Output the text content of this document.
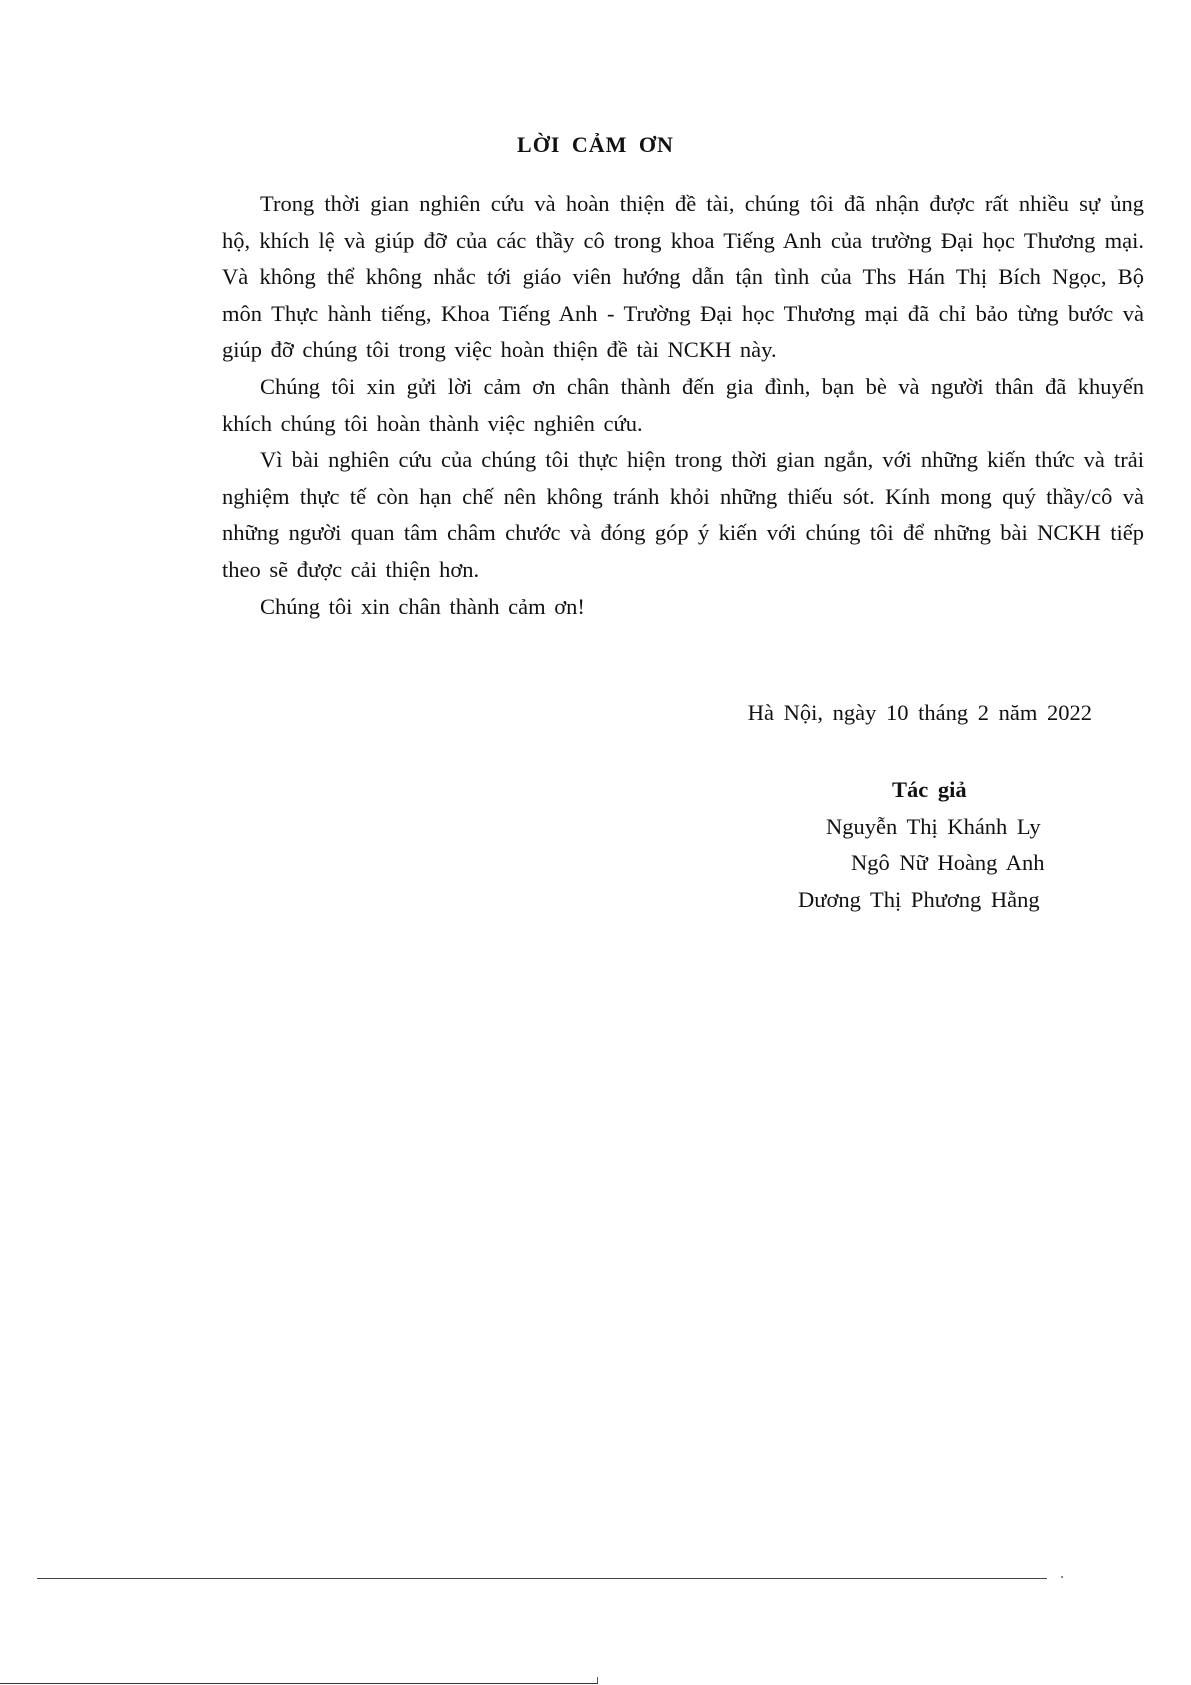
LỜI CẢM ƠN

Trong thời gian nghiên cứu và hoàn thiện đề tài, chúng tôi đã nhận được rất nhiều sự ủng hộ, khích lệ và giúp đỡ của các thầy cô trong khoa Tiếng Anh của trường Đại học Thương mại. Và không thể không nhắc tới giáo viên hướng dẫn tận tình của Ths Hán Thị Bích Ngọc, Bộ môn Thực hành tiếng, Khoa Tiếng Anh - Trường Đại học Thương mại đã chỉ bảo từng bước và giúp đỡ chúng tôi trong việc hoàn thiện đề tài NCKH này.

Chúng tôi xin gửi lời cảm ơn chân thành đến gia đình, bạn bè và người thân đã khuyến khích chúng tôi hoàn thành việc nghiên cứu.

Vì bài nghiên cứu của chúng tôi thực hiện trong thời gian ngắn, với những kiến thức và trải nghiệm thực tế còn hạn chế nên không tránh khỏi những thiếu sót. Kính mong quý thầy/cô và những người quan tâm châm chước và đóng góp ý kiến với chúng tôi để những bài NCKH tiếp theo sẽ được cải thiện hơn.

Chúng tôi xin chân thành cảm ơn!

Hà Nội, ngày 10 tháng 2 năm 2022
Tác giả
Nguyễn Thị Khánh Ly
Ngô Nữ Hoàng Anh
Dương Thị Phương Hằng
